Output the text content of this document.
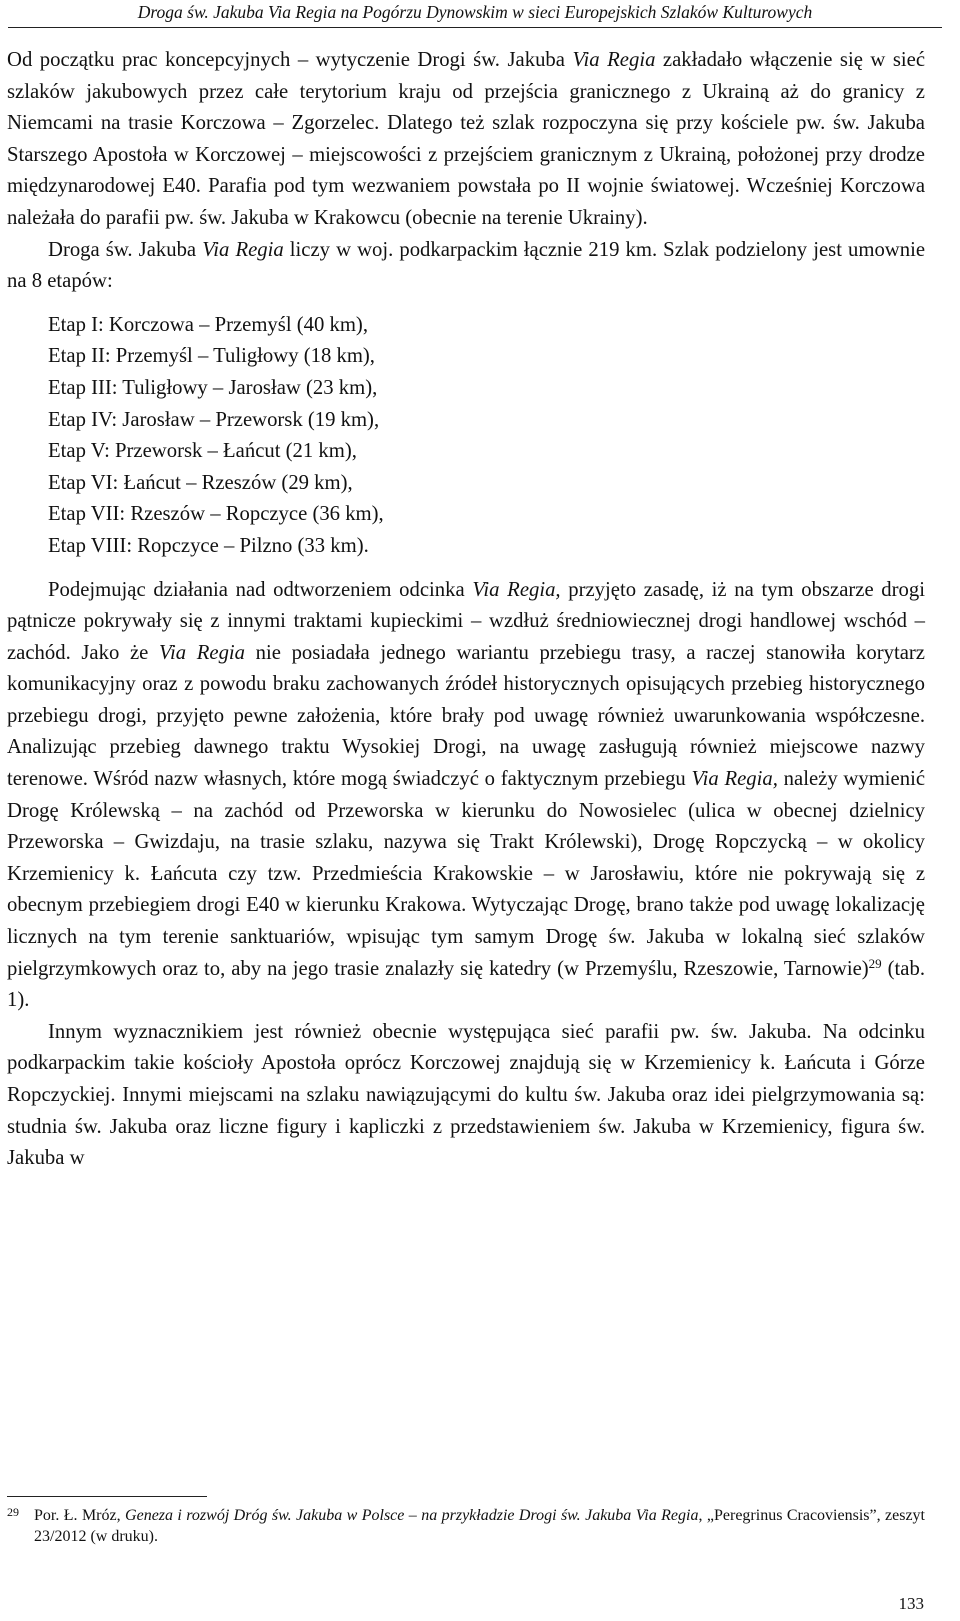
Droga św. Jakuba Via Regia na Pogórzu Dynowskim w sieci Europejskich Szlaków Kulturowych

Od początku prac koncepcyjnych – wytyczenie Drogi św. Jakuba Via Regia zakładało włączenie się w sieć szlaków jakubowych przez całe terytorium kraju od przejścia granicznego z Ukrainą aż do granicy z Niemcami na trasie Korczowa – Zgorzelec. Dlatego też szlak rozpoczyna się przy kościele pw. św. Jakuba Starszego Apostoła w Korczowej – miejscowości z przejściem granicznym z Ukrainą, położonej przy drodze międzynarodowej E40. Parafia pod tym wezwaniem powstała po II wojnie światowej. Wcześniej Korczowa należała do parafii pw. św. Jakuba w Krakowcu (obecnie na terenie Ukrainy).

Droga św. Jakuba Via Regia liczy w woj. podkarpackim łącznie 219 km. Szlak podzielony jest umownie na 8 etapów:

Etap I: Korczowa – Przemyśl (40 km),
Etap II: Przemyśl – Tuligłowy (18 km),
Etap III: Tuligłowy – Jarosław (23 km),
Etap IV: Jarosław – Przeworsk (19 km),
Etap V: Przeworsk – Łańcut (21 km),
Etap VI: Łańcut – Rzeszów (29 km),
Etap VII: Rzeszów – Ropczyce (36 km),
Etap VIII: Ropczyce – Pilzno (33 km).

Podejmując działania nad odtworzeniem odcinka Via Regia, przyjęto zasadę, iż na tym obszarze drogi pątnicze pokrywały się z innymi traktami kupieckimi – wzdłuż średniowiecznej drogi handlowej wschód – zachód. Jako że Via Regia nie posiadała jednego wariantu przebiegu trasy, a raczej stanowiła korytarz komunikacyjny oraz z powodu braku zachowanych źródeł historycznych opisujących przebieg historycznego przebiegu drogi, przyjęto pewne założenia, które brały pod uwagę również uwarunkowania współczesne. Analizując przebieg dawnego traktu Wysokiej Drogi, na uwagę zasługują również miejscowe nazwy terenowe. Wśród nazw własnych, które mogą świadczyć o faktycznym przebiegu Via Regia, należy wymienić Drogę Królewską – na zachód od Przeworska w kierunku do Nowosielec (ulica w obecnej dzielnicy Przeworska – Gwizdaju, na trasie szlaku, nazywa się Trakt Królewski), Drogę Ropczycką – w okolicy Krzemienicy k. Łańcuta czy tzw. Przedmieścia Krakowskie – w Jarosławiu, które nie pokrywają się z obecnym przebiegiem drogi E40 w kierunku Krakowa. Wytyczając Drogę, brano także pod uwagę lokalizację licznych na tym terenie sanktuariów, wpisując tym samym Drogę św. Jakuba w lokalną sieć szlaków pielgrzymkowych oraz to, aby na jego trasie znalazły się katedry (w Przemyślu, Rzeszowie, Tarnowie)$^{29}$ (tab. 1).

Innym wyznacznikiem jest również obecnie występująca sieć parafii pw. św. Jakuba. Na odcinku podkarpackim takie kościoły Apostoła oprócz Korczowej znajdują się w Krzemienicy k. Łańcuta i Górze Ropczyckiej. Innymi miejscami na szlaku nawiązującymi do kultu św. Jakuba oraz idei pielgrzymowania są: studnia św. Jakuba oraz liczne figury i kapliczki z przedstawieniem św. Jakuba w Krzemienicy, figura św. Jakuba w

29 Por. Ł. Mróz, Geneza i rozwój Dróg św. Jakuba w Polsce – na przykładzie Drogi św. Jakuba Via Regia, „Peregrinus Cracoviensis”, zeszyt 23/2012 (w druku).
133
